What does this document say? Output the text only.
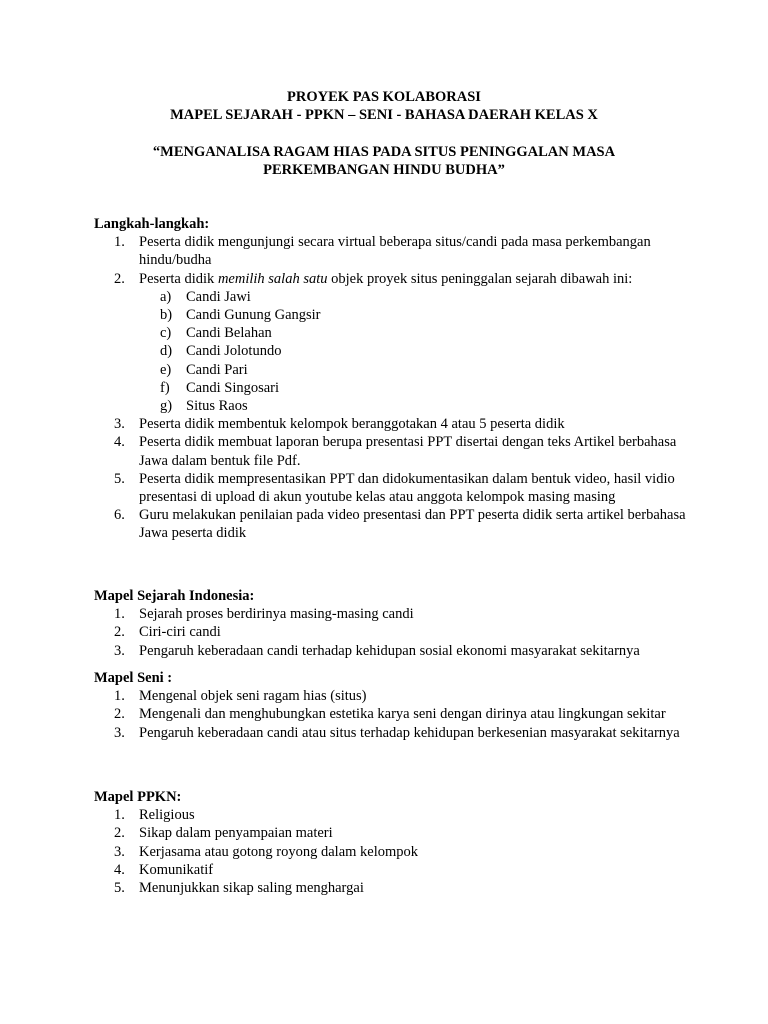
PROYEK PAS KOLABORASI
MAPEL SEJARAH - PPKN – SENI - BAHASA DAERAH KELAS X
“MENGANALISA RAGAM HIAS PADA SITUS PENINGGALAN MASA
PERKEMBANGAN HINDU BUDHA”
Langkah-langkah:
1. Peserta didik mengunjungi secara virtual beberapa situs/candi pada masa perkembangan hindu/budha
2. Peserta didik memilih salah satu objek proyek situs peninggalan sejarah dibawah ini:
a) Candi Jawi
b) Candi Gunung Gangsir
c) Candi Belahan
d) Candi Jolotundo
e) Candi Pari
f) Candi Singosari
g) Situs Raos
3. Peserta didik membentuk kelompok beranggotakan 4 atau 5 peserta didik
4. Peserta didik membuat laporan berupa presentasi PPT disertai dengan teks Artikel berbahasa Jawa dalam bentuk file Pdf.
5. Peserta didik mempresentasikan PPT dan didokumentasikan dalam bentuk video, hasil vidio presentasi di upload di akun youtube kelas atau anggota kelompok masing masing
6. Guru melakukan penilaian pada video presentasi dan PPT peserta didik serta artikel berbahasa Jawa peserta didik
Mapel Sejarah Indonesia:
1. Sejarah proses berdirinya masing-masing candi
2. Ciri-ciri candi
3. Pengaruh keberadaan candi terhadap kehidupan sosial ekonomi masyarakat sekitarnya
Mapel Seni :
1. Mengenal objek seni ragam hias (situs)
2. Mengenali dan menghubungkan estetika karya seni dengan dirinya atau lingkungan sekitar
3. Pengaruh keberadaan candi atau situs terhadap kehidupan berkesenian masyarakat sekitarnya
Mapel PPKN:
1. Religious
2. Sikap dalam penyampaian materi
3. Kerjasama atau gotong royong dalam kelompok
4. Komunikatif
5. Menunjukkan sikap saling menghargai
